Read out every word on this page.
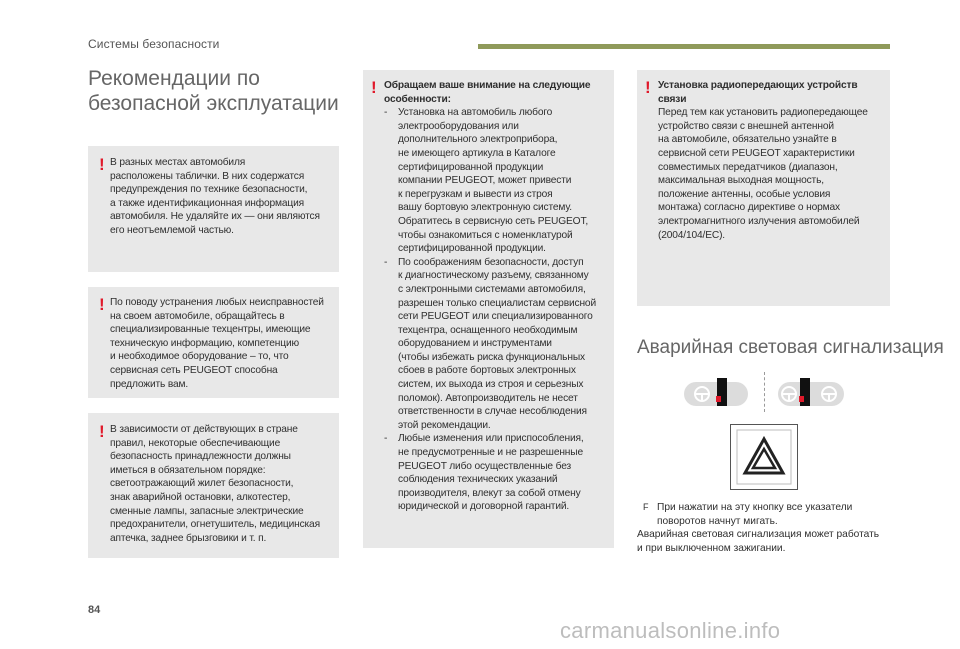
Системы безопасности
Рекомендации по
безопасной эксплуатации
! В разных местах автомобиля
расположены таблички. В них содержатся
предупреждения по технике безопасности,
а также идентификационная информация
автомобиля. Не удаляйте их — они являются
его неотъемлемой частью.
! По поводу устранения любых неисправностей
на своем автомобиле, обращайтесь в
специализированные техцентры, имеющие
техническую информацию, компетенцию
и необходимое оборудование – то, что
сервисная сеть PEUGEOT способна
предложить вам.
! В зависимости от действующих в стране
правил, некоторые обеспечивающие
безопасность принадлежности должны
иметься в обязательном порядке:
светоотражающий жилет безопасности,
знак аварийной остановки, алкотестер,
сменные лампы, запасные электрические
предохранители, огнетушитель, медицинская
аптечка, заднее брызговики и т. п.
! Обращаем ваше внимание на следующие
особенности:
- Установка на автомобиль любого
электрооборудования или
дополнительного электроприбора,
не имеющего артикула в Каталоге
сертифицированной продукции
компании PEUGEOT, может привести
к перегрузкам и вывести из строя
вашу бортовую электронную систему.
Обратитесь в сервисную сеть PEUGEOT,
чтобы ознакомиться с номенклатурой
сертифицированной продукции.
- По соображениям безопасности, доступ
к диагностическому разъему, связанному
с электронными системами автомобиля,
разрешен только специалистам сервисной
сети PEUGEOT или специализированного
техцентра, оснащенного необходимым
оборудованием и инструментами
(чтобы избежать риска функциональных
сбоев в работе бортовых электронных
систем, их выхода из строя и серьезных
поломок). Автопроизводитель не несет
ответственности в случае несоблюдения
этой рекомендации.
- Любые изменения или приспособления,
не предусмотренные и не разрешенные
PEUGEOT либо осуществленные без
соблюдения технических указаний
производителя, влекут за собой отмену
юридической и договорной гарантий.
! Установка радиопередающих устройств
связи
Перед тем как установить радиопередающее
устройство связи с внешней антенной
на автомобиле, обязательно узнайте в
сервисной сети PEUGEOT характеристики
совместимых передатчиков (диапазон,
максимальная выходная мощность,
положение антенны, особые условия
монтажа) согласно директиве о нормах
электромагнитного излучения автомобилей
(2004/104/EC).
Аварийная световая сигнализация
F При нажатии на эту кнопку все указатели
поворотов начнут мигать.
Аварийная световая сигнализация может работать
и при выключенном зажигании.
84
carmanualsonline.info
